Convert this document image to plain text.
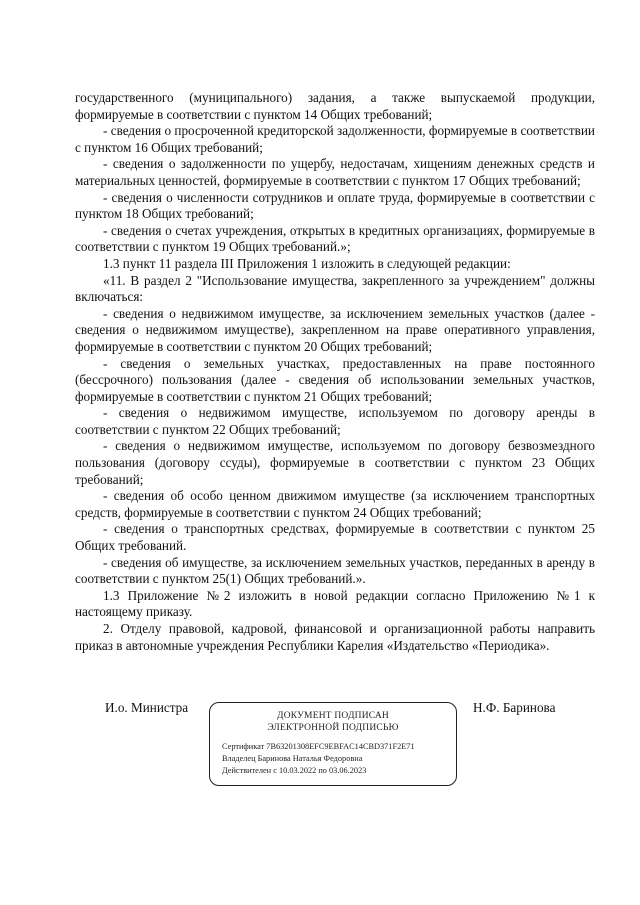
государственного (муниципального) задания, а также выпускаемой продукции, формируемые в соответствии с пунктом 14 Общих требований;

- сведения о просроченной кредиторской задолженности, формируемые в соответствии с пунктом 16 Общих требований;

- сведения о задолженности по ущербу, недостачам, хищениям денежных средств и материальных ценностей, формируемые в соответствии с пунктом 17 Общих требований;

- сведения о численности сотрудников и оплате труда, формируемые в соответствии с пунктом 18 Общих требований;

- сведения о счетах учреждения, открытых в кредитных организациях, формируемые в соответствии с пунктом 19 Общих требований.»;

1.3 пункт 11 раздела III Приложения 1 изложить в следующей редакции:

«11. В раздел 2 "Использование имущества, закрепленного за учреждением" должны включаться:

- сведения о недвижимом имуществе, за исключением земельных участков (далее - сведения о недвижимом имуществе), закрепленном на праве оперативного управления, формируемые в соответствии с пунктом 20 Общих требований;

- сведения о земельных участках, предоставленных на праве постоянного (бессрочного) пользования (далее - сведения об использовании земельных участков, формируемые в соответствии с пунктом 21 Общих требований;

- сведения о недвижимом имуществе, используемом по договору аренды в соответствии с пунктом 22 Общих требований;

- сведения о недвижимом имуществе, используемом по договору безвозмездного пользования (договору ссуды), формируемые в соответствии с пунктом 23 Общих требований;

- сведения об особо ценном движимом имуществе (за исключением транспортных средств, формируемые в соответствии с пунктом 24 Общих требований;

- сведения о транспортных средствах, формируемые в соответствии с пунктом 25 Общих требований.

- сведения об имуществе, за исключением земельных участков, переданных в аренду в соответствии с пунктом 25(1) Общих требований.».

1.3 Приложение №2 изложить в новой редакции согласно Приложению №1 к настоящему приказу.

2. Отделу правовой, кадровой, финансовой и организационной работы направить приказ в автономные учреждения Республики Карелия «Издательство «Периодика».

И.о. Министра
ДОКУМЕНТ ПОДПИСАН
ЭЛЕКТРОННОЙ ПОДПИСЬЮ
Сертификат 7B63201308EFC9EBFAC14CBD371F2E71
Владелец Баринова Наталья Федоровна
Действителен с 10.03.2022 по 03.06.2023
Н.Ф. Баринова
